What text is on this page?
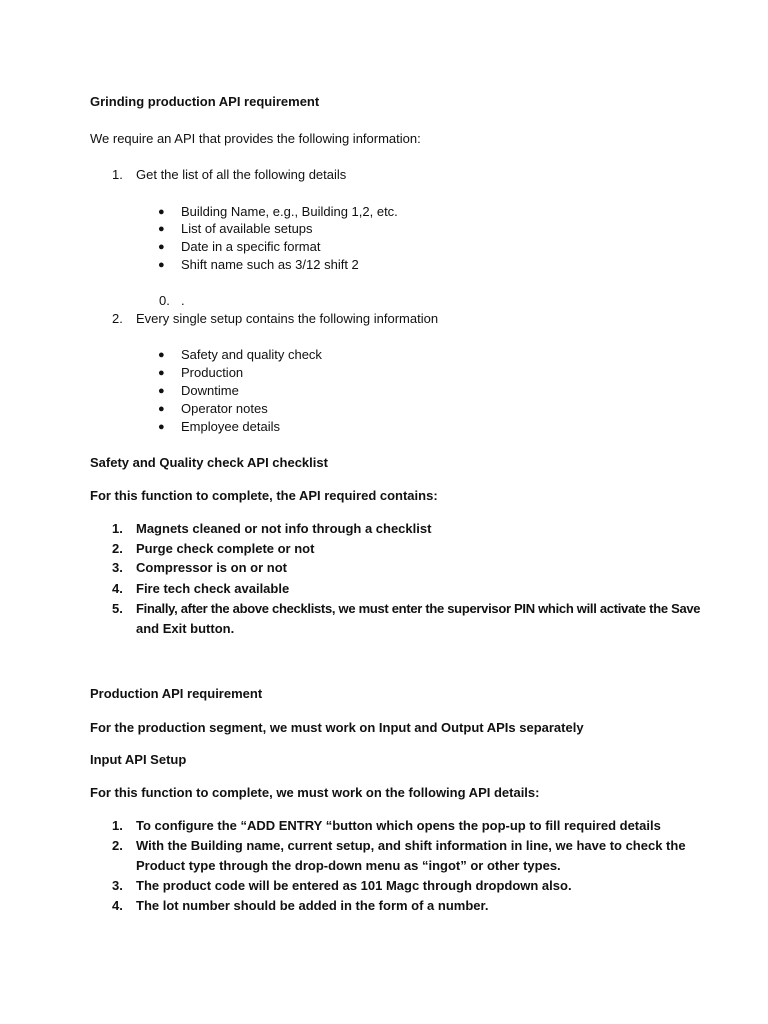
Grinding production API requirement
We require an API that provides the following information:
1.	Get the list of all the following details
● Building Name, e.g., Building 1,2, etc.
● List of available setups
● Date in a specific format
● Shift name such as 3/12 shift 2
0. .
2.	Every single setup contains the following information
● Safety and quality check
● Production
● Downtime
● Operator notes
● Employee details
Safety and Quality check API checklist
For this function to complete, the API required contains:
1.	Magnets cleaned or not info through a checklist
2.	Purge check complete or not
3.	Compressor is on or not
4.	Fire tech check available
5.	Finally, after the above checklists, we must enter the supervisor PIN which will activate the Save
and Exit button.
Production API requirement
For the production segment, we must work on Input and Output APIs separately
Input API Setup
For this function to complete, we must work on the following API details:
1.	To configure the “ADD ENTRY “button which opens the pop-up to fill required details
2.	With the Building name, current setup, and shift information in line, we have to check the
Product type through the drop-down menu as “ingot” or other types.
3.	The product code will be entered as 101 Magc through dropdown also.
4.	The lot number should be added in the form of a number.
